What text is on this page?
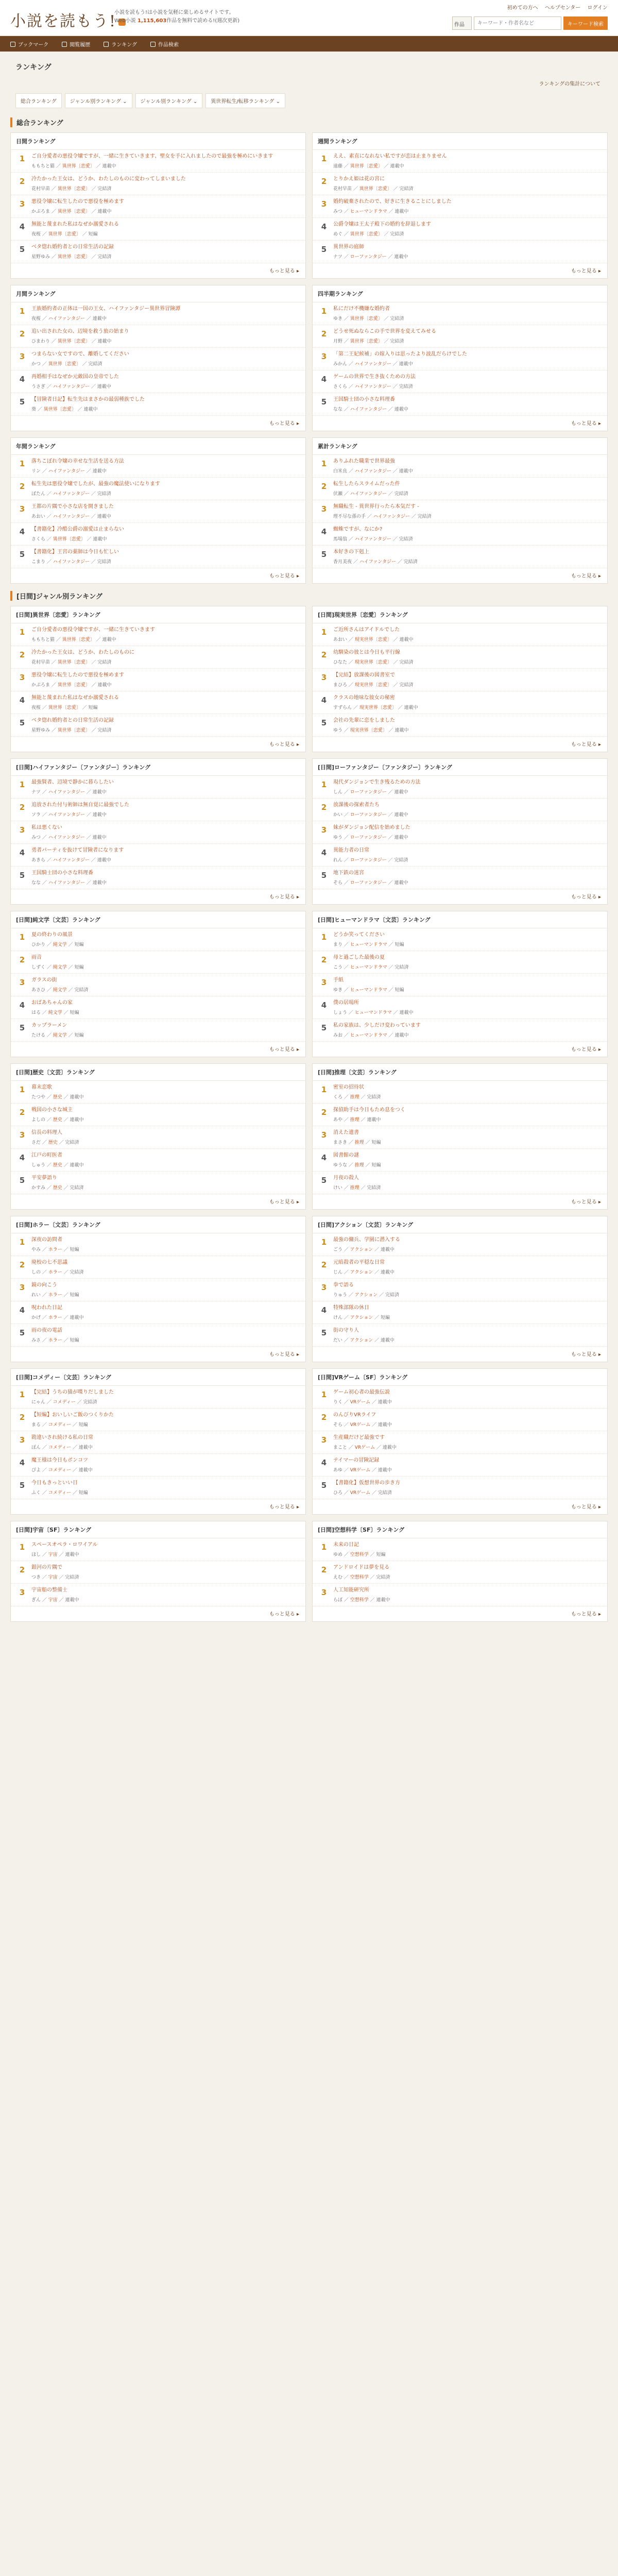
小説を読もう!
小説を読もう!は小説を気軽に楽しめるサイトです。
Web小説 1,115,603作品を無料で読める!(週次更新)
初めての方へ ヘルプセンター ログイン
作品
キーワード・作者名など	キーワード検索
ブックマーク	閲覧履歴	ランキング	作品検索
ランキング
ランキングの集計について
総合ランキング	ジャンル別ランキング ⌄	ジャンル別ランキング ⌄	異世界転生/転移ランキング ⌄
総合ランキング
日間ランキング
1	ご自分愛者の悪役令嬢ですが、一緒に生きていきます、聖女を手に入れましたので最強を極めにいきます
ももちと猫 ／ 異世界〔恋愛〕 ／ 連載中
2	冷たかった王女は、どうか、わたしのものに変わってしまいました
花村早苗 ／ 異世界〔恋愛〕 ／ 完結済
3	悪役令嬢に転生したので悪役を極めます
かぷろま ／ 異世界〔恋愛〕 ／ 連載中
4	無能と蔑まれた私はなぜか溺愛される
夜桜 ／ 異世界〔恋愛〕 ／ 短編
5	ベタ惚れ婚約者との日常生活の記録
星野ゆみ ／ 異世界〔恋愛〕 ／ 完結済
もっと見る ▸
週間ランキング
1	ええ、素直になれない私ですが恋は止まりません
遠藤 ／ 異世界〔恋愛〕 ／ 連載中
2	とりかえ姫は花の宮に
花村早苗 ／ 異世界〔恋愛〕 ／ 完結済
3	婚約破棄されたので、好きに生きることにしました
みつ ／ ヒューマンドラマ ／ 連載中
4	公爵令嬢は王太子殿下の婚約を辞退します
めぐ ／ 異世界〔恋愛〕 ／ 完結済
5	異世界の庭師
ナツ ／ ローファンタジー ／ 連載中
もっと見る ▸
月間ランキング
1	王族婚約者の正体は一国の王女、ハイファンタジー異世界冒険譚
夜桜 ／ ハイファンタジー ／ 連載中
2	追い出された女の、辺境を救う旅の始まり
ひまわり ／ 異世界〔恋愛〕 ／ 連載中
3	つまらない女ですので、離婚してください
かつ ／ 異世界〔恋愛〕 ／ 完結済
4	再婚相手はなぜか元敵国の皇帝でした
うさぎ ／ ハイファンタジー ／ 連載中
5	【冒険者日記】転生先はまさかの最弱種族でした
葵 ／ 異世界〔恋愛〕 ／ 連載中
もっと見る ▸
四半期ランキング
1	私にだけ不機嫌な婚約者
ゆき ／ 異世界〔恋愛〕 ／ 完結済
2	どうせ死ぬならこの手で世界を変えてみせる
月野 ／ 異世界〔恋愛〕 ／ 完結済
3	「第二王妃候補」の嫁入りは思ったより波乱だらけでした
みかん ／ ハイファンタジー ／ 連載中
4	ゲームの世界で生き抜くための方法
さくら ／ ハイファンタジー ／ 完結済
5	王国騎士団の小さな料理番
なな ／ ハイファンタジー ／ 連載中
もっと見る ▸
年間ランキング
1	落ちこぼれ令嬢の幸せな生活を送る方法
リン ／ ハイファンタジー ／ 連載中
2	転生先は悪役令嬢でしたが、最強の魔法使いになります
ぼたん ／ ハイファンタジー ／ 完結済
3	王都の片隅で小さな店を開きました
あおい ／ ハイファンタジー ／ 連載中
4	【書籍化】冷酷公爵の溺愛は止まらない
さくら ／ 異世界〔恋愛〕 ／ 連載中
5	【書籍化】王宮の薬師は今日も忙しい
こまり ／ ハイファンタジー ／ 完結済
もっと見る ▸
累計ランキング
1	ありふれた職業で世界最強
白米良 ／ ハイファンタジー ／ 連載中
2	転生したらスライムだった件
伏瀬 ／ ハイファンタジー ／ 完結済
3	無職転生 - 異世界行ったら本気だす -
理不尽な孫の手 ／ ハイファンタジー ／ 完結済
4	蜘蛛ですが、なにか?
馬場翁 ／ ハイファンタジー ／ 完結済
5	本好きの下剋上
香月美夜 ／ ハイファンタジー ／ 完結済
もっと見る ▸
[日間]ジャンル別ランキング
[日間]異世界〔恋愛〕ランキング
1	ご自分愛者の悪役令嬢ですが、一緒に生きていきます
ももちと猫 ／ 異世界〔恋愛〕 ／ 連載中
2	冷たかった王女は、どうか、わたしのものに
花村早苗 ／ 異世界〔恋愛〕 ／ 完結済
3	悪役令嬢に転生したので悪役を極めます
かぷろま ／ 異世界〔恋愛〕 ／ 連載中
4	無能と蔑まれた私はなぜか溺愛される
夜桜 ／ 異世界〔恋愛〕 ／ 短編
5	ベタ惚れ婚約者との日常生活の記録
星野ゆみ ／ 異世界〔恋愛〕 ／ 完結済
もっと見る ▸
[日間]現実世界〔恋愛〕ランキング
1	ご近所さんはアイドルでした
あおい ／ 現実世界〔恋愛〕 ／ 連載中
2	幼馴染の彼とは今日も平行線
ひなた ／ 現実世界〔恋愛〕 ／ 完結済
3	【完結】放課後の図書室で
まひろ ／ 現実世界〔恋愛〕 ／ 完結済
4	クラスの地味な彼女の秘密
すずらん ／ 現実世界〔恋愛〕 ／ 連載中
5	会社の先輩に恋をしました
ゆう ／ 現実世界〔恋愛〕 ／ 連載中
もっと見る ▸
[日間]ハイファンタジー〔ファンタジー〕ランキング
1	最強賢者、辺境で静かに暮らしたい
ナツ ／ ハイファンタジー ／ 連載中
2	追放された付与術師は無自覚に最強でした
ソラ ／ ハイファンタジー ／ 連載中
3	私は悪くない
みつ ／ ハイファンタジー ／ 連載中
4	勇者パーティを抜けて冒険者になります
あきら ／ ハイファンタジー ／ 連載中
5	王国騎士団の小さな料理番
なな ／ ハイファンタジー ／ 連載中
もっと見る ▸
[日間]ローファンタジー〔ファンタジー〕ランキング
1	現代ダンジョンで生き残るための方法
しん ／ ローファンタジー ／ 連載中
2	放課後の探索者たち
かい ／ ローファンタジー ／ 連載中
3	妹がダンジョン配信を始めました
ゆう ／ ローファンタジー ／ 連載中
4	異能力者の日常
れん ／ ローファンタジー ／ 完結済
5	地下鉄の迷宮
そら ／ ローファンタジー ／ 連載中
もっと見る ▸
[日間]純文学〔文芸〕ランキング
1	夏の終わりの風景
ひかり ／ 純文学 ／ 短編
2	雨音
しずく ／ 純文学 ／ 短編
3	ガラスの街
あさひ ／ 純文学 ／ 完結済
4	おばあちゃんの家
はる ／ 純文学 ／ 短編
5	カップラーメン
たける ／ 純文学 ／ 短編
もっと見る ▸
[日間]ヒューマンドラマ〔文芸〕ランキング
1	どうか笑ってください
まり ／ ヒューマンドラマ ／ 短編
2	母と過ごした最後の夏
こう ／ ヒューマンドラマ ／ 完結済
3	手紙
ゆき ／ ヒューマンドラマ ／ 短編
4	僕の居場所
しょう ／ ヒューマンドラマ ／ 連載中
5	私の家族は、少しだけ変わっています
みお ／ ヒューマンドラマ ／ 連載中
もっと見る ▸
[日間]歴史〔文芸〕ランキング
1	幕末恋歌
たつや ／ 歴史 ／ 連載中
2	戦国の小さな城主
よしの ／ 歴史 ／ 連載中
3	信長の料理人
さだ ／ 歴史 ／ 完結済
4	江戸の町医者
しゅう ／ 歴史 ／ 連載中
5	平安夢語り
かすみ ／ 歴史 ／ 完結済
もっと見る ▸
[日間]推理〔文芸〕ランキング
1	密室の招待状
くろ ／ 推理 ／ 完結済
2	探偵助手は今日もため息をつく
あや ／ 推理 ／ 連載中
3	消えた遺書
まさき ／ 推理 ／ 短編
4	図書館の謎
ゆうな ／ 推理 ／ 短編
5	月夜の殺人
けい ／ 推理 ／ 完結済
もっと見る ▸
[日間]ホラー〔文芸〕ランキング
1	深夜の訪問者
やみ ／ ホラー ／ 短編
2	廃校の七不思議
しの ／ ホラー ／ 完結済
3	鏡の向こう
れい ／ ホラー ／ 短編
4	呪われた日記
かげ ／ ホラー ／ 連載中
5	雨の夜の電話
みさ ／ ホラー ／ 短編
もっと見る ▸
[日間]アクション〔文芸〕ランキング
1	最強の傭兵、学園に潜入する
ごう ／ アクション ／ 連載中
2	元暗殺者の平穏な日常
じん ／ アクション ／ 連載中
3	拳で語る
りゅう ／ アクション ／ 完結済
4	特殊部隊の休日
けん ／ アクション ／ 短編
5	街の守り人
だい ／ アクション ／ 連載中
もっと見る ▸
[日間]コメディー〔文芸〕ランキング
1	【完結】うちの猫が喋りだしました
にゃん ／ コメディー ／ 完結済
2	【短編】おいしいご飯のつくりかた
まる ／ コメディー ／ 短編
3	勘違いされ続ける私の日常
ぽん ／ コメディー ／ 連載中
4	魔王様は今日もポンコツ
ぴよ ／ コメディー ／ 連載中
5	今日もきっといい日
ふく ／ コメディー ／ 短編
もっと見る ▸
[日間]VRゲーム〔SF〕ランキング
1	ゲーム初心者の最強伝説
りく ／ VRゲーム ／ 連載中
2	のんびりVRライフ
そら ／ VRゲーム ／ 連載中
3	生産職だけど最強です
まこと ／ VRゲーム ／ 連載中
4	テイマーの冒険記録
あゆ ／ VRゲーム ／ 連載中
5	【書籍化】仮想世界の歩き方
ひろ ／ VRゲーム ／ 完結済
もっと見る ▸
[日間]宇宙〔SF〕ランキング
1	スペースオペラ・ロワイアル
ほし ／ 宇宙 ／ 連載中
2	銀河の片隅で
つき ／ 宇宙 ／ 完結済
3	宇宙船の整備士
ぎん ／ 宇宙 ／ 連載中
もっと見る ▸
[日間]空想科学〔SF〕ランキング
1	未来の日記
ゆめ ／ 空想科学 ／ 短編
2	アンドロイドは夢を見る
えむ ／ 空想科学 ／ 完結済
3	人工知能研究所
らぼ ／ 空想科学 ／ 連載中
もっと見る ▸
